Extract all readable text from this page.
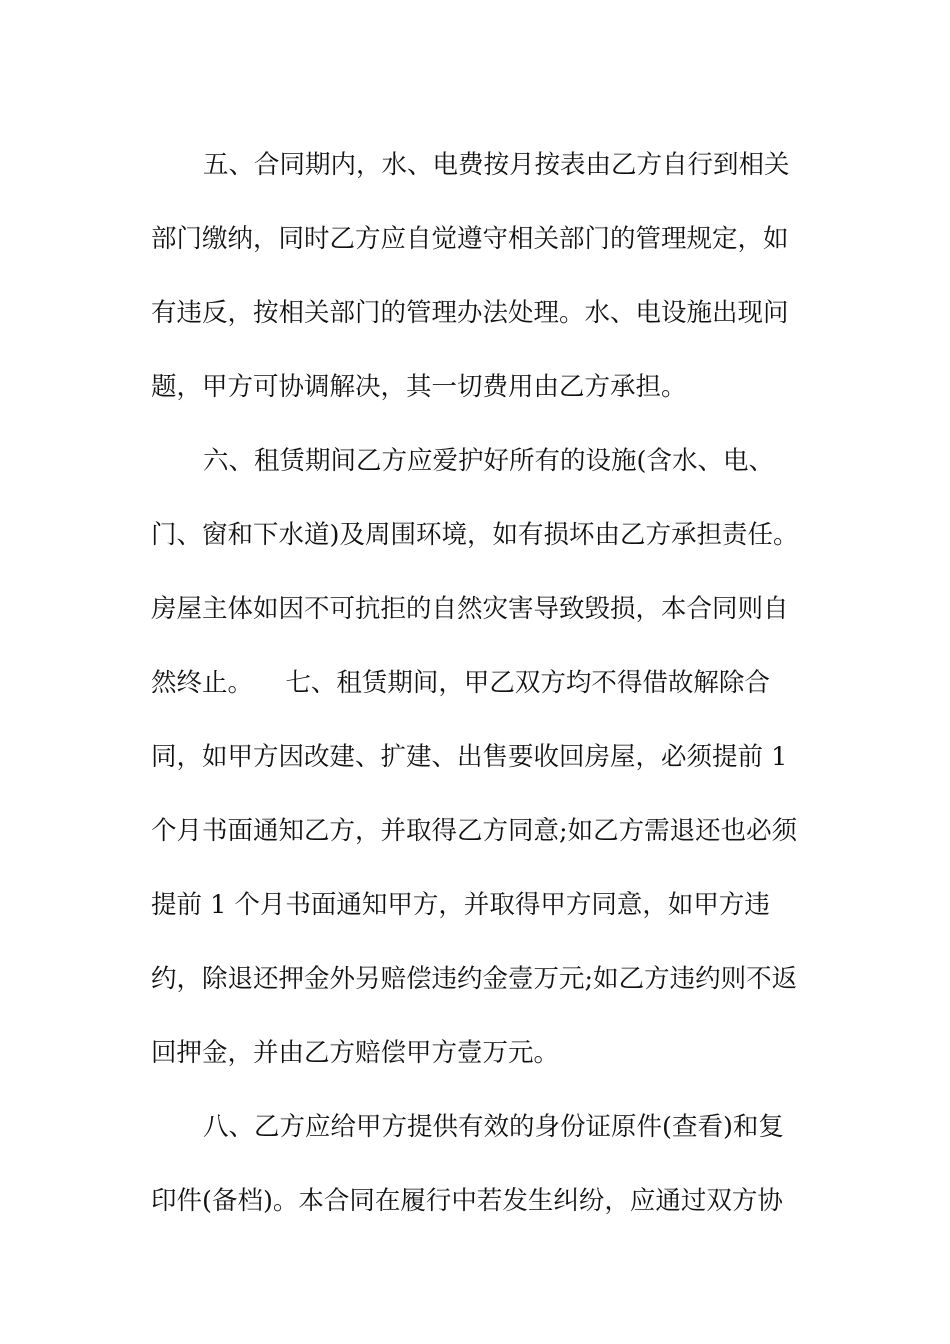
五、合同期内，水、电费按月按表由乙方自行到相关
部门缴纳，同时乙方应自觉遵守相关部门的管理规定，如
有违反，按相关部门的管理办法处理。水、电设施出现问
题，甲方可协调解决，其一切费用由乙方承担。
六、租赁期间乙方应爱护好所有的设施(含水、电、
门、窗和下水道)及周围环境，如有损坏由乙方承担责任。
房屋主体如因不可抗拒的自然灾害导致毁损，本合同则自
然终止。    七、租赁期间，甲乙双方均不得借故解除合
同，如甲方因改建、扩建、出售要收回房屋，必须提前 1
个月书面通知乙方，并取得乙方同意;如乙方需退还也必须
提前 1 个月书面通知甲方，并取得甲方同意，如甲方违
约，除退还押金外另赔偿违约金壹万元;如乙方违约则不返
回押金，并由乙方赔偿甲方壹万元。
八、乙方应给甲方提供有效的身份证原件(查看)和复
印件(备档)。本合同在履行中若发生纠纷，应通过双方协
